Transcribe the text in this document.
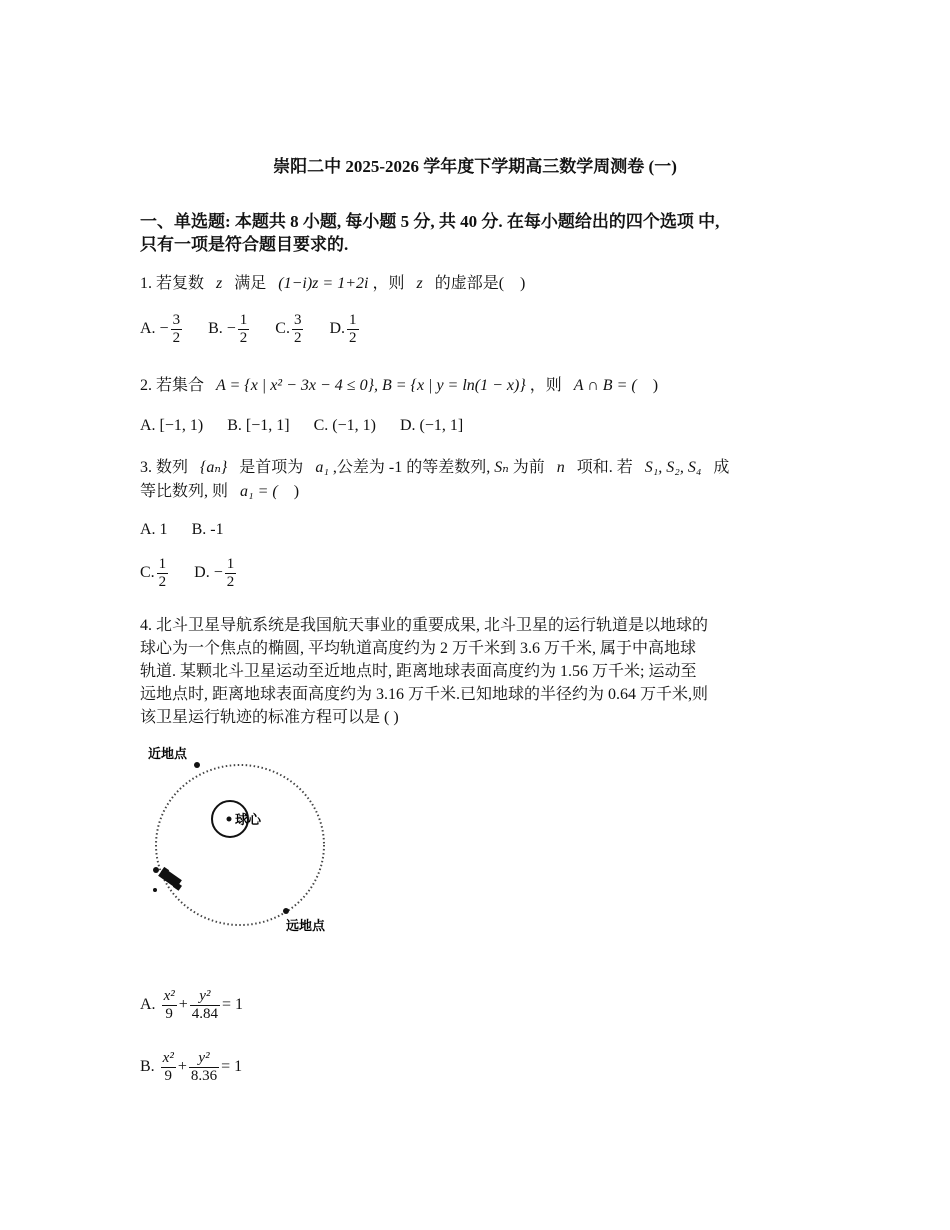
崇阳二中 2025-2026 学年度下学期高三数学周测卷 (一)
一、单选题: 本题共 8 小题, 每小题 5 分, 共 40 分. 在每小题给出的四个选项 中,
只有一项是符合题目要求的.
1. 若复数 z 满足 (1−i)z = 1+2i ，则 z 的虚部是( )
A. − $\frac{3}{2} B$. − $\frac{1}{2} C$. $\frac{3}{2} D$. $\frac{1}{2}$
2. 若集合 A = {x | x² − 3x − 4 ≤ 0}, B = {x | y = ln(1 − x)} ，则 A ∩ B = ( )
A. [−1, 1) B. [−1, 1] C. (−1, 1) D. (−1, 1]
3. 数列 {aₙ} 是首项为 a₁ ,公差为 -1 的等差数列, Sₙ 为前 n 项和. 若 S₁, S₂, S₄ 成
等比数列, 则 a₁ = ( )
A. 1 B. -1
C. $\frac{1}{2} D$. − $\frac{1}{2}$
4. 北斗卫星导航系统是我国航天事业的重要成果, 北斗卫星的运行轨道是以地球的
球心为一个焦点的椭圆, 平均轨道高度约为 2 万千米到 3.6 万千米, 属于中高地球
轨道. 某颗北斗卫星运动至近地点时, 距离地球表面高度约为 1.56 万千米; 运动至
远地点时, 距离地球表面高度约为 3.16 万千米.已知地球的半径约为 0.64 万千米,则
该卫星运行轨迹的标准方程可以是 ( )
近地点
球心
远地点
A. $\frac{\text{x²}}{9} + \frac{\text{y²}}{4.84} = 1$
B. $\frac{\text{x²}}{9} + \frac{\text{y²}}{8.36} = 1$
